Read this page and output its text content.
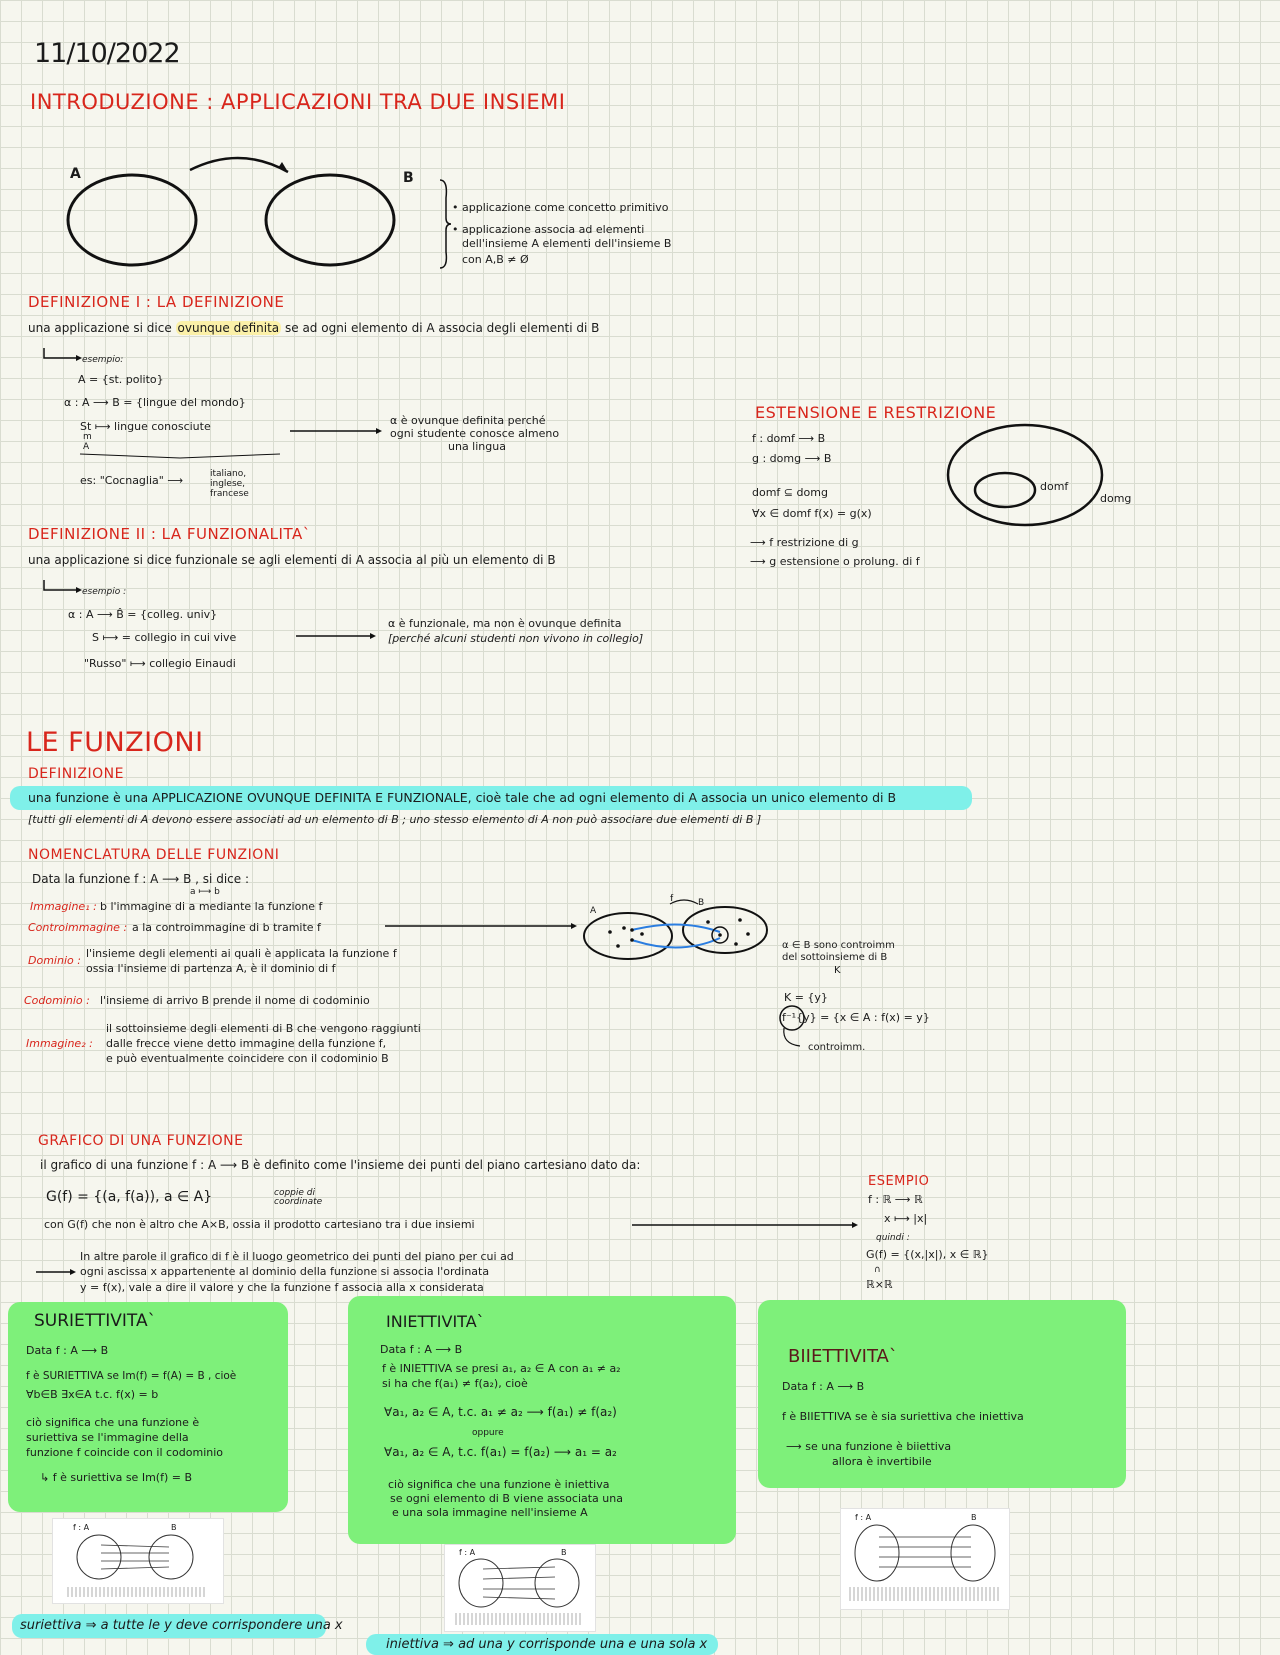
11/10/2022
INTRODUZIONE : APPLICAZIONI TRA DUE INSIEMI
A	B
• applicazione come concetto primitivo
• applicazione associa ad elementi
dell'insieme A elementi dell'insieme B
con A,B ≠ Ø
DEFINIZIONE I : LA DEFINIZIONE
una applicazione si dice ovunque definita se ad ogni elemento di A associa degli elementi di B
esempio:
A = {st. polito}
α : A ⟶ B = {lingue del mondo}
St ⟼ lingue conosciute
m
A
es: "Cocnaglia" ⟶	italiano,
inglese,
francese
α è ovunque definita perché
ogni studente conosce almeno
una lingua
DEFINIZIONE II : LA FUNZIONALITA`
una applicazione si dice funzionale se agli elementi di A associa al più un elemento di B
esempio :
α : A ⟶ B̂ = {colleg. univ}
S ⟼ = collegio in cui vive
"Russo" ⟼ collegio Einaudi
α è funzionale, ma non è ovunque definita
[perché alcuni studenti non vivono in collegio]
ESTENSIONE E RESTRIZIONE
f : domf ⟶ B
g : domg ⟶ B
domf ⊆ domg
∀x ∈ domf f(x) = g(x)
⟶ f restrizione di g
⟶ g estensione o prolung. di f
domf
domg
LE FUNZIONI
DEFINIZIONE
una funzione è una APPLICAZIONE OVUNQUE DEFINITA E FUNZIONALE, cioè tale che ad ogni elemento di A associa un unico elemento di B
[tutti gli elementi di A devono essere associati ad un elemento di B ; uno stesso elemento di A non può associare due elementi di B ]
NOMENCLATURA DELLE FUNZIONI
Data la funzione f : A ⟶ B , si dice :
a ⟼ b
Immagine₁ : b l'immagine di a mediante la funzione f
Controimmagine : a la controimmagine di b tramite f
Dominio :
l'insieme degli elementi ai quali è applicata la funzione f
ossia l'insieme di partenza A, è il dominio di f
Codominio : l'insieme di arrivo B prende il nome di codominio
il sottoinsieme degli elementi di B che vengono raggiunti
Immagine₂ : dalle frecce viene detto immagine della funzione f,
e può eventualmente coincidere con il codominio B
A
B
f
α ∈ B sono controimm
del sottoinsieme di B
K
K = {y}
f⁻¹{y} = {x ∈ A : f(x) = y}
controimm.
GRAFICO DI UNA FUNZIONE
il grafico di una funzione f : A ⟶ B è definito come l'insieme dei punti del piano cartesiano dato da:
G(f) = {(a, f(a)), a ∈ A}	coppie di
coordinate
con G(f) che non è altro che A×B, ossia il prodotto cartesiano tra i due insiemi
In altre parole il grafico di f è il luogo geometrico dei punti del piano per cui ad
ogni ascissa x appartenente al dominio della funzione si associa l'ordinata
y = f(x), vale a dire il valore y che la funzione f associa alla x considerata
ESEMPIO
f : ℝ ⟶ ℝ
x ⟼ |x|
quindi :
G(f) = {(x,|x|), x ∈ ℝ}
∩
ℝ×ℝ
SURIETTIVITA`
Data f : A ⟶ B
f è SURIETTIVA se Im(f) = f(A) = B , cioè
∀b∈B ∃x∈A t.c. f(x) = b
ciò significa che una funzione è
suriettiva se l'immagine della
funzione f coincide con il codominio
↳ f è suriettiva se Im(f) = B
INIETTIVITA`
Data f : A ⟶ B
f è INIETTIVA se presi a₁, a₂ ∈ A con a₁ ≠ a₂
si ha che f(a₁) ≠ f(a₂), cioè
∀a₁, a₂ ∈ A, t.c. a₁ ≠ a₂ ⟶ f(a₁) ≠ f(a₂)
oppure
∀a₁, a₂ ∈ A, t.c. f(a₁) = f(a₂) ⟶ a₁ = a₂
ciò significa che una funzione è iniettiva
se ogni elemento di B viene associata una
e una sola immagine nell'insieme A
BIIETTIVITA`
Data f : A ⟶ B
f è BIIETTIVA se è sia suriettiva che iniettiva
⟶ se una funzione è biiettiva
allora è invertibile
f : A	B
f : A	B
f : A	B
suriettiva ⇒ a tutte le y deve corrispondere una x
iniettiva ⇒ ad una y corrisponde una e una sola x
